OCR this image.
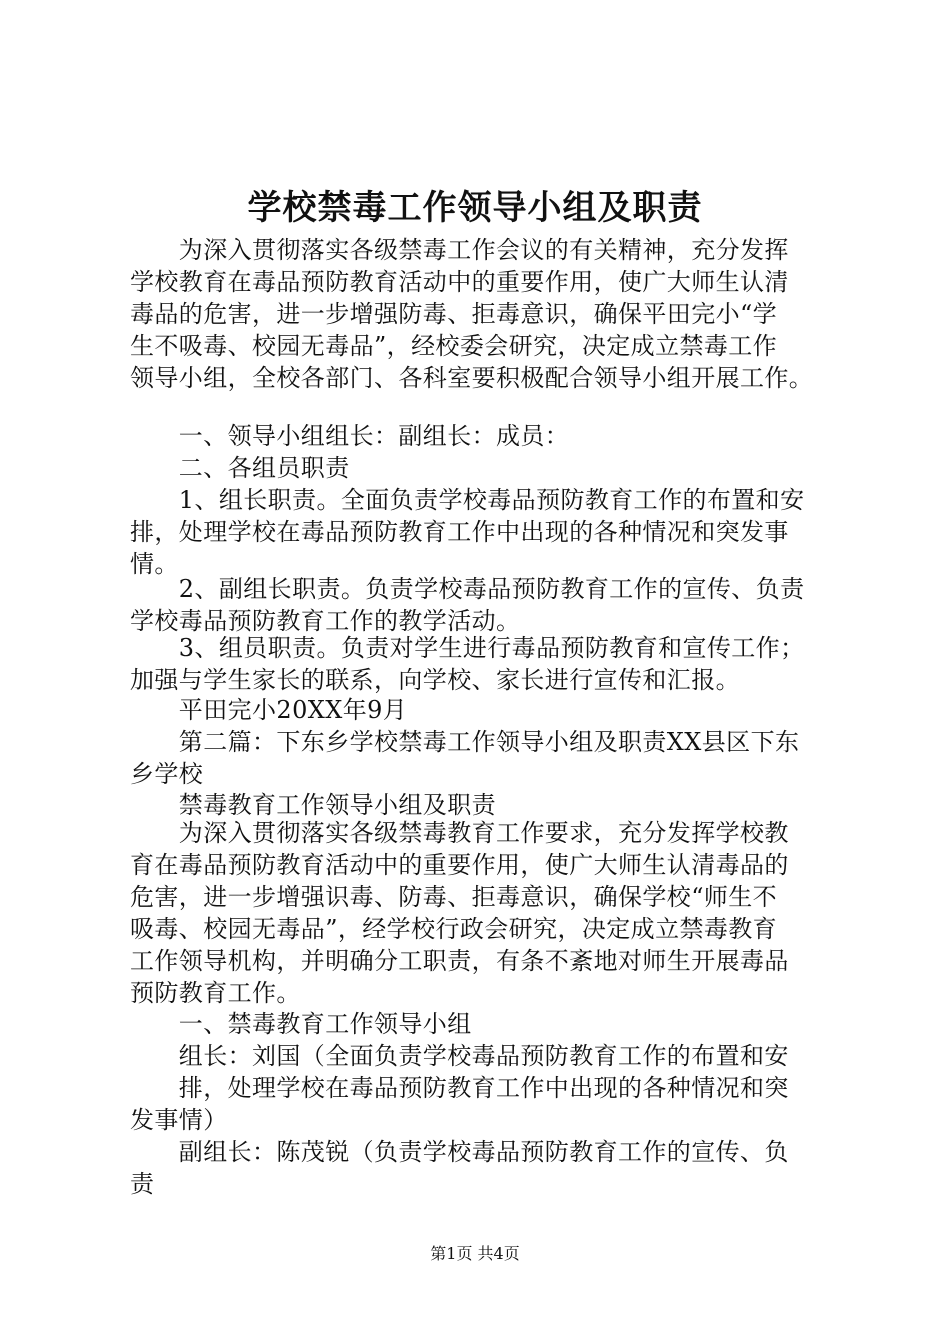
学校禁毒工作领导小组及职责
　　为深入贯彻落实各级禁毒工作会议的有关精神，充分发挥
学校教育在毒品预防教育活动中的重要作用，使广大师生认清
毒品的危害，进一步增强防毒、拒毒意识，确保平田完小“学
生不吸毒、校园无毒品”，经校委会研究，决定成立禁毒工作
领导小组，全校各部门、各科室要积极配合领导小组开展工作。
　　一、领导小组组长：副组长：成员：
　　二、各组员职责
　　1、组长职责。全面负责学校毒品预防教育工作的布置和安
排，处理学校在毒品预防教育工作中出现的各种情况和突发事
情。
　　2、副组长职责。负责学校毒品预防教育工作的宣传、负责
学校毒品预防教育工作的教学活动。
　　3、组员职责。负责对学生进行毒品预防教育和宣传工作；
加强与学生家长的联系，向学校、家长进行宣传和汇报。
　　平田完小20XX年9月
　　第二篇：下东乡学校禁毒工作领导小组及职责XX县区下东
乡学校
　　禁毒教育工作领导小组及职责
　　为深入贯彻落实各级禁毒教育工作要求，充分发挥学校教
育在毒品预防教育活动中的重要作用，使广大师生认清毒品的
危害，进一步增强识毒、防毒、拒毒意识，确保学校“师生不
吸毒、校园无毒品”，经学校行政会研究，决定成立禁毒教育
工作领导机构，并明确分工职责，有条不紊地对师生开展毒品
预防教育工作。
　　一、禁毒教育工作领导小组
　　组长：刘国（全面负责学校毒品预防教育工作的布置和安
　　排，处理学校在毒品预防教育工作中出现的各种情况和突
发事情）
　　副组长：陈茂锐（负责学校毒品预防教育工作的宣传、负
责
第1页 共4页
